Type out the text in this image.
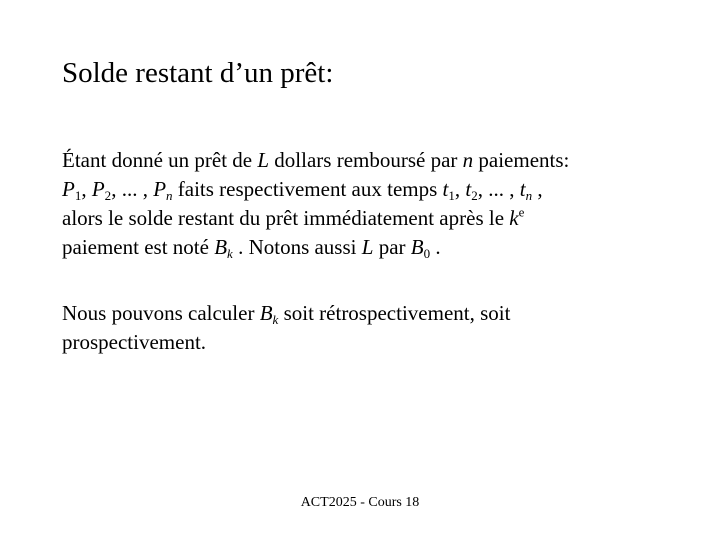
Solde restant d’un prêt:

Étant donné un prêt de L dollars remboursé par n paiements:
$P_1$, $P_2$, ... , $P_n$ faits respectivement aux temps $t_1$, $t_2$, ... , $t_n$ ,
alors le solde restant du prêt immédiatement après le $k^e$
paiement est noté $B_k$ . Notons aussi L par $B_0$ .

Nous pouvons calculer $B_k$ soit rétrospectivement, soit
prospectivement.

ACT2025 - Cours 18
